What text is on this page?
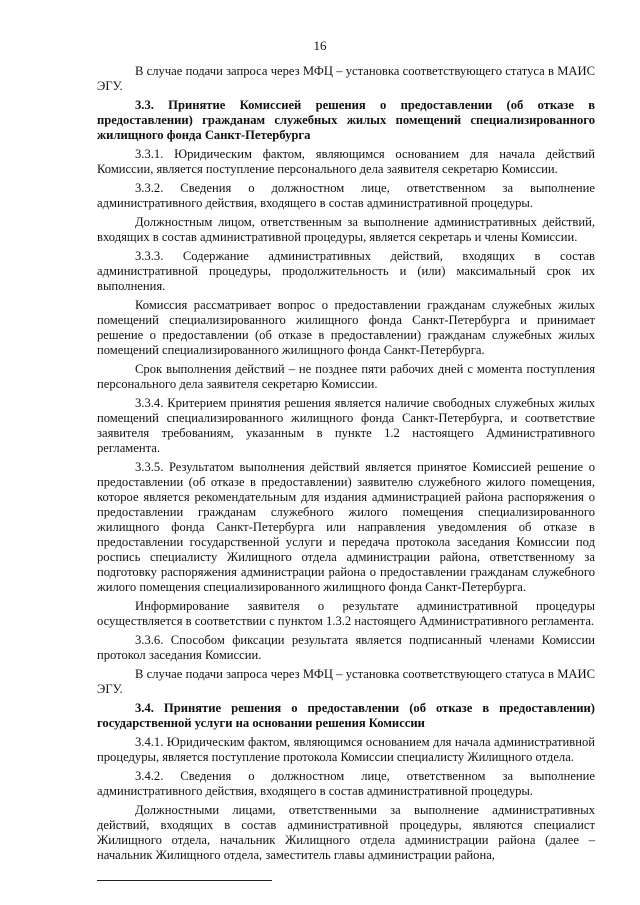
16

В случае подачи запроса через МФЦ – установка соответствующего статуса в МАИС ЭГУ.

3.3. Принятие Комиссией решения о предоставлении (об отказе в предоставлении) гражданам служебных жилых помещений специализированного жилищного фонда Санкт-Петербурга

3.3.1. Юридическим фактом, являющимся основанием для начала действий Комиссии, является поступление персонального дела заявителя секретарю Комиссии.

3.3.2. Сведения о должностном лице, ответственном за выполнение административного действия, входящего в состав административной процедуры.

Должностным лицом, ответственным за выполнение административных действий, входящих в состав административной процедуры, является секретарь и члены Комиссии.

3.3.3. Содержание административных действий, входящих в состав административной процедуры, продолжительность и (или) максимальный срок их выполнения.

Комиссия рассматривает вопрос о предоставлении гражданам служебных жилых помещений специализированного жилищного фонда Санкт-Петербурга и принимает решение о предоставлении (об отказе в предоставлении) гражданам служебных жилых помещений специализированного жилищного фонда Санкт-Петербурга.

Срок выполнения действий – не позднее пяти рабочих дней с момента поступления персонального дела заявителя секретарю Комиссии.

3.3.4. Критерием принятия решения является наличие свободных служебных жилых помещений специализированного жилищного фонда Санкт-Петербурга, и соответствие заявителя требованиям, указанным в пункте 1.2 настоящего Административного регламента.

3.3.5. Результатом выполнения действий является принятое Комиссией решение о предоставлении (об отказе в предоставлении) заявителю служебного жилого помещения, которое является рекомендательным для издания администрацией района распоряжения о предоставлении гражданам служебного жилого помещения специализированного жилищного фонда Санкт-Петербурга или направления уведомления об отказе в предоставлении государственной услуги и передача протокола заседания Комиссии под роспись специалисту Жилищного отдела администрации района, ответственному за подготовку распоряжения администрации района о предоставлении гражданам служебного жилого помещения специализированного жилищного фонда Санкт-Петербурга.

Информирование заявителя о результате административной процедуры осуществляется в соответствии с пунктом 1.3.2 настоящего Административного регламента.

3.3.6. Способом фиксации результата является подписанный членами Комиссии протокол заседания Комиссии.

В случае подачи запроса через МФЦ – установка соответствующего статуса в МАИС ЭГУ.

3.4. Принятие решения о предоставлении (об отказе в предоставлении) государственной услуги на основании решения Комиссии

3.4.1. Юридическим фактом, являющимся основанием для начала административной процедуры, является поступление протокола Комиссии специалисту Жилищного отдела.

3.4.2. Сведения о должностном лице, ответственном за выполнение административного действия, входящего в состав административной процедуры.

Должностными лицами, ответственными за выполнение административных действий, входящих в состав административной процедуры, являются специалист Жилищного отдела, начальник Жилищного отдела администрации района (далее – начальник Жилищного отдела, заместитель главы администрации района,
